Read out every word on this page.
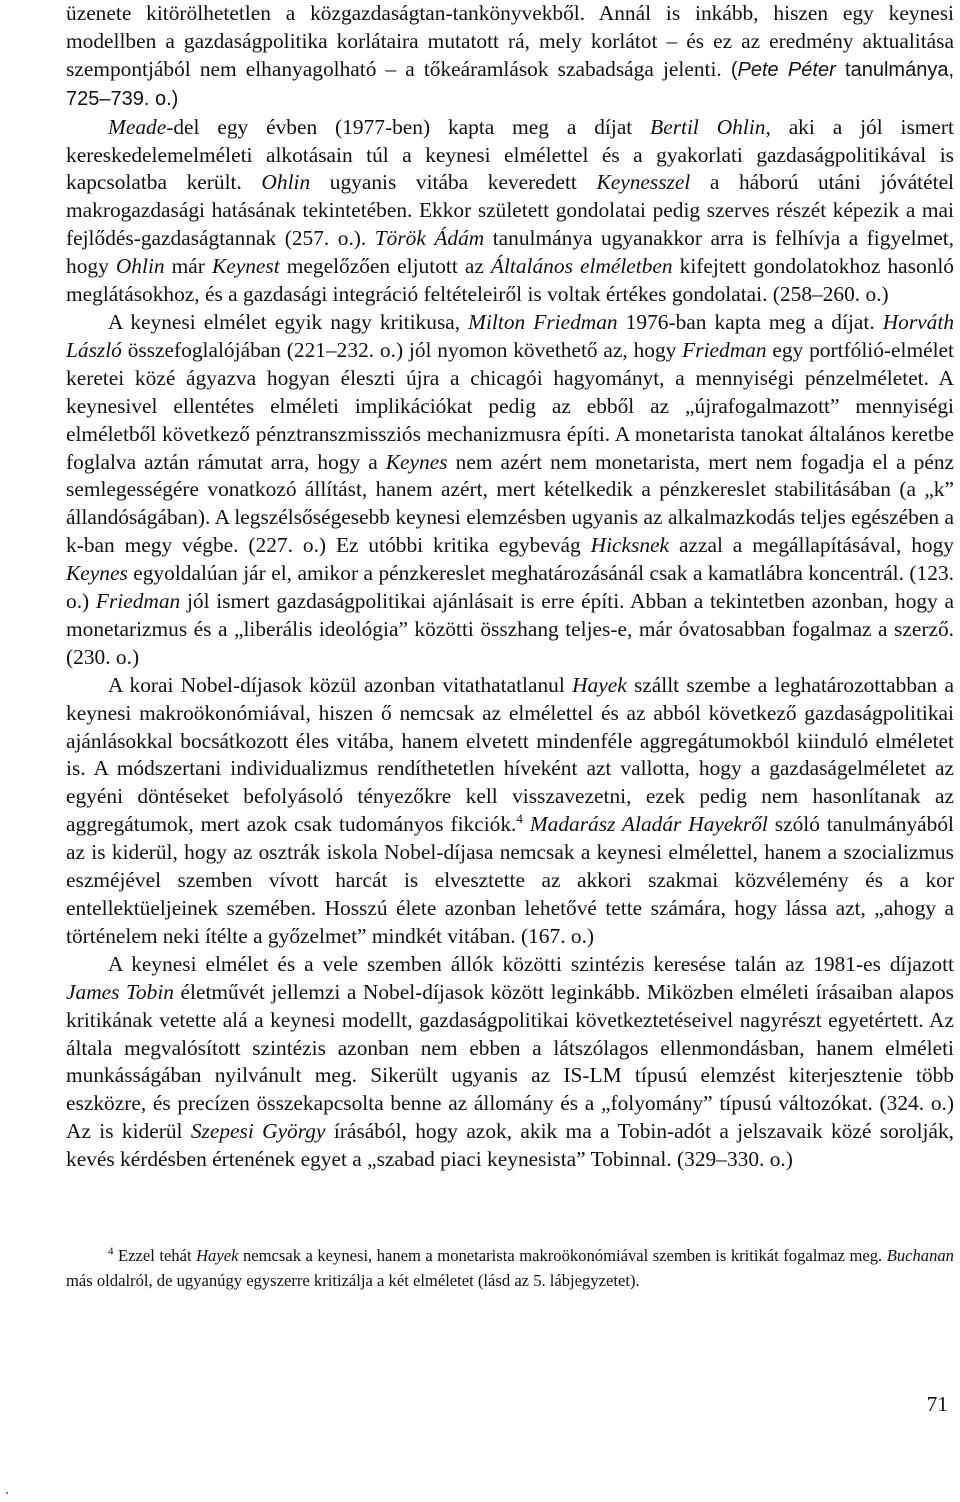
üzenete kitörölhetetlen a közgazdaságtan-tankönyvekből. Annál is inkább, hiszen egy keynesi modellben a gazdaságpolitika korlátaira mutatott rá, mely korlátot – és ez az eredmény aktualitása szempontjából nem elhanyagolható – a tőkeáramlások szabadsága jelenti. (Pete Péter tanulmánya, 725–739. o.)

Meade-del egy évben (1977-ben) kapta meg a díjat Bertil Ohlin, aki a jól ismert kereskedelemelméleti alkotásain túl a keynesi elmélettel és a gyakorlati gazdaságpolitikával is kapcsolatba került. Ohlin ugyanis vitába keveredett Keynesszel a háború utáni jóvátétel makrogazdasági hatásának tekintetében. Ekkor született gondolatai pedig szerves részét képezik a mai fejlődés-gazdaságtannak (257. o.). Török Ádám tanulmánya ugyanakkor arra is felhívja a figyelmet, hogy Ohlin már Keynest megelőzően eljutott az Általános elméletben kifejtett gondolatokhoz hasonló meglátásokhoz, és a gazdasági integráció feltételeiről is voltak értékes gondolatai. (258–260. o.)

A keynesi elmélet egyik nagy kritikusa, Milton Friedman 1976-ban kapta meg a díjat. Horváth László összefoglalójában (221–232. o.) jól nyomon követhető az, hogy Friedman egy portfólió-elmélet keretei közé ágyazva hogyan éleszti újra a chicagói hagyományt, a mennyiségi pénzelméletet. A keynesivel ellentétes elméleti implikációkat pedig az ebből az „újrafogalmazott” mennyiségi elméletből következő pénztranszmissziós mechanizmusra építi. A monetarista tanokat általános keretbe foglalva aztán rámutat arra, hogy a Keynes nem azért nem monetarista, mert nem fogadja el a pénz semlegességére vonatkozó állítást, hanem azért, mert kételkedik a pénzkereslet stabilitásában (a „k” állandóságában). A legszélsőségesebb keynesi elemzésben ugyanis az alkalmazkodás teljes egészében a k-ban megy végbe. (227. o.) Ez utóbbi kritika egybevág Hicksnek azzal a megállapításával, hogy Keynes egyoldalúan jár el, amikor a pénzkereslet meghatározásánál csak a kamatlábra koncentrál. (123. o.) Friedman jól ismert gazdaságpolitikai ajánlásait is erre építi. Abban a tekintetben azonban, hogy a monetarizmus és a „liberális ideológia” közötti összhang teljes-e, már óvatosabban fogalmaz a szerző. (230. o.)

A korai Nobel-díjasok közül azonban vitathatatlanul Hayek szállt szembe a leghatározottabban a keynesi makroökonómiával, hiszen ő nemcsak az elmélettel és az abból következő gazdaságpolitikai ajánlásokkal bocsátkozott éles vitába, hanem elvetett mindenféle aggregátumokból kiinduló elméletet is. A módszertani individualizmus rendíthetetlen híveként azt vallotta, hogy a gazdaságelméletet az egyéni döntéseket befolyásoló tényezőkre kell visszavezetni, ezek pedig nem hasonlítanak az aggregátumok, mert azok csak tudományos fikciók.$^4$ Madarász Aladár Hayekről szóló tanulmányából az is kiderül, hogy az osztrák iskola Nobel-díjasa nemcsak a keynesi elmélettel, hanem a szocializmus eszméjével szemben vívott harcát is elvesztette az akkori szakmai közvélemény és a kor entellektüeljeinek szemében. Hosszú élete azonban lehetővé tette számára, hogy lássa azt, „ahogy a történelem neki ítélte a győzelmet” mindkét vitában. (167. o.)

A keynesi elmélet és a vele szemben állók közötti szintézis keresése talán az 1981-es díjazott James Tobin életművét jellemzi a Nobel-díjasok között leginkább. Miközben elméleti írásaiban alapos kritikának vetette alá a keynesi modellt, gazdaságpolitikai következtetéseivel nagyrészt egyetértett. Az általa megvalósított szintézis azonban nem ebben a látszólagos ellenmondásban, hanem elméleti munkásságában nyilvánult meg. Sikerült ugyanis az IS-LM típusú elemzést kiterjesztenie több eszközre, és precízen összekapcsolta benne az állomány és a „folyomány” típusú változókat. (324. o.) Az is kiderül Szepesi György írásából, hogy azok, akik ma a Tobin-adót a jelszavaik közé sorolják, kevés kérdésben értenének egyet a „szabad piaci keynesista” Tobinnal. (329–330. o.)

$^4$ Ezzel tehát Hayek nemcsak a keynesi, hanem a monetarista makroökonómiával szemben is kritikát fogalmaz meg. Buchanan más oldalról, de ugyanúgy egyszerre kritizálja a két elméletet (lásd az 5. lábjegyzetet).

71
